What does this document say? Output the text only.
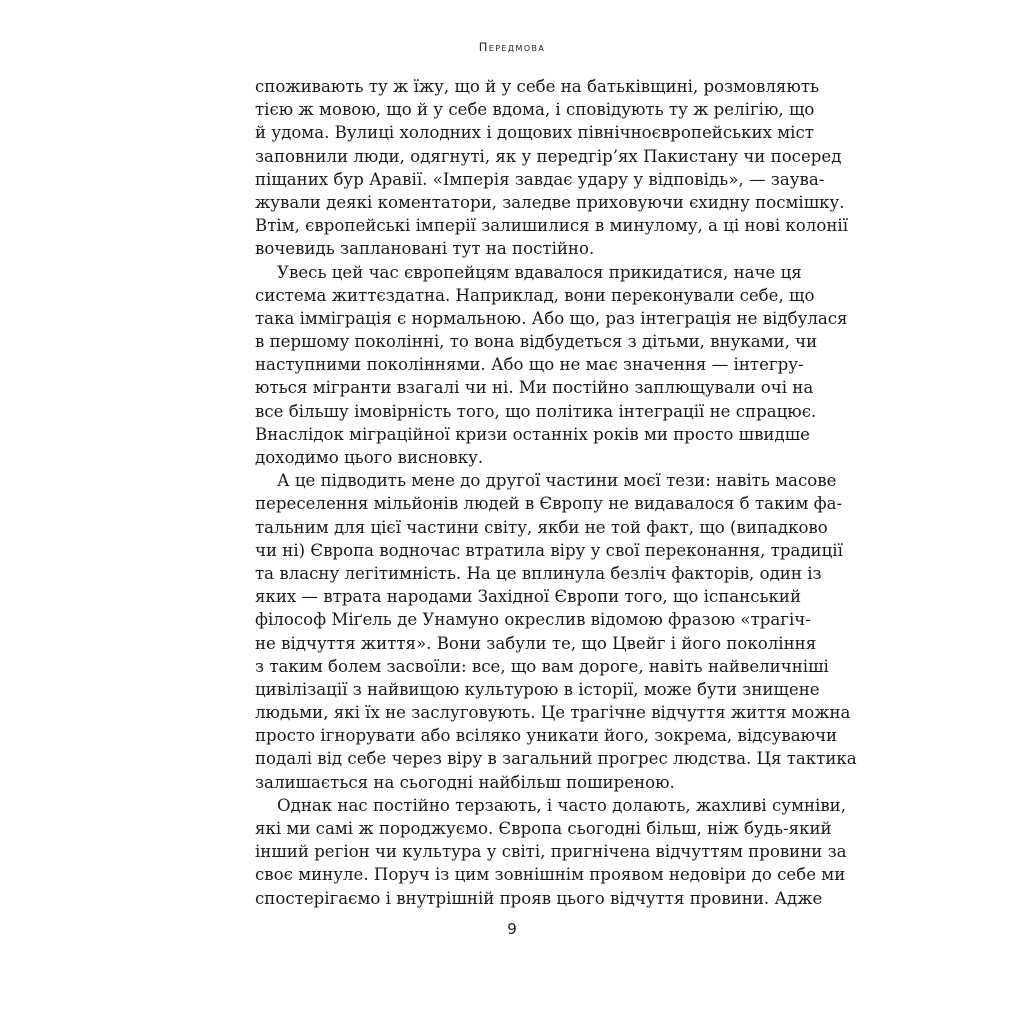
Передмова
споживають ту ж їжу, що й у себе на батьківщині, розмовляють
тією ж мовою, що й у себе вдома, і сповідують ту ж релігію, що
й удома. Вулиці холодних і дощових північноєвропейських міст
заповнили люди, одягнуті, як у передгір’ях Пакистану чи посеред
піщаних бур Аравії. «Імперія завдає удару у відповідь», — заува-
жували деякі коментатори, заледве приховуючи єхидну посмішку.
Втім, європейські імперії залишилися в минулому, а ці нові колонії
вочевидь заплановані тут на постійно.
Увесь цей час європейцям вдавалося прикидатися, наче ця
система життєздатна. Наприклад, вони переконували себе, що
така імміграція є нормальною. Або що, раз інтеграція не відбулася
в першому поколінні, то вона відбудеться з дітьми, внуками, чи
наступними поколіннями. Або що не має значення — інтегру-
ються мігранти взагалі чи ні. Ми постійно заплющували очі на
все більшу імовірність того, що політика інтеграції не спрацює.
Внаслідок міграційної кризи останніх років ми просто швидше
доходимо цього висновку.
А це підводить мене до другої частини моєї тези: навіть масове
переселення мільйонів людей в Європу не видавалося б таким фа-
тальним для цієї частини світу, якби не той факт, що (випадково
чи ні) Європа водночас втратила віру у свої переконання, традиції
та власну легітимність. На це вплинула безліч факторів, один із
яких — втрата народами Західної Європи того, що іспанський
філософ Міґель де Унамуно окреслив відомою фразою «трагіч-
не відчуття життя». Вони забули те, що Цвейг і його покоління
з таким болем засвоїли: все, що вам дороге, навіть найвеличніші
цивілізації з найвищою культурою в історії, може бути знищене
людьми, які їх не заслуговують. Це трагічне відчуття життя можна
просто ігнорувати або всіляко уникати його, зокрема, відсуваючи
подалі від себе через віру в загальний прогрес людства. Ця тактика
залишається на сьогодні найбільш поширеною.
Однак нас постійно терзають, і часто долають, жахливі сумніви,
які ми самі ж породжуємо. Європа сьогодні більш, ніж будь-який
інший регіон чи культура у світі, пригнічена відчуттям провини за
своє минуле. Поруч із цим зовнішнім проявом недовіри до себе ми
спостерігаємо і внутрішній прояв цього відчуття провини. Адже
9
